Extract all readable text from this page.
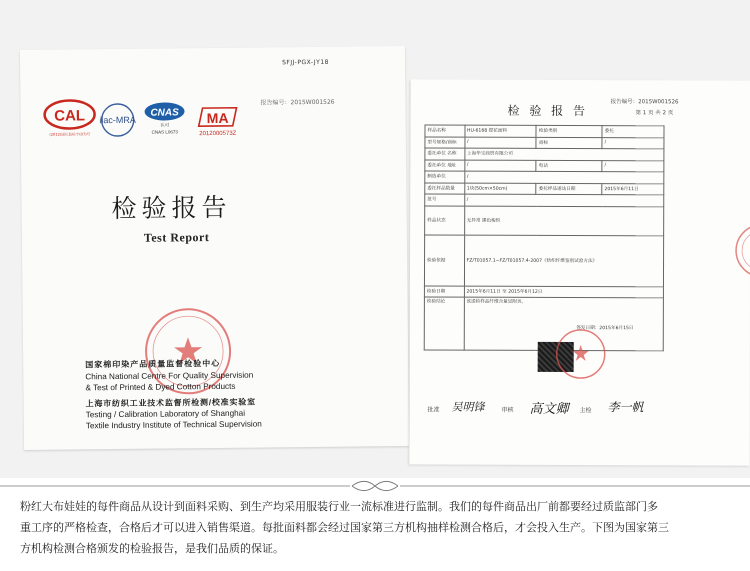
SFJJ-PGX-JY18
报告编号：2015W001526
CAL
(2012)国认监检字(07)号
ilac-MRA
CNAS
认可
CNAS L0673
MA
2012000573Z
检验报告
Test Report
国家棉印染产品质量监督检验中心
China National Centre For Quality Supervision
& Test of Printed & Dyed Cotton Products
上海市纺织工业技术监督所检测/校准实验室
Testing / Calibration Laboratory of Shanghai
Textile Industry Institute of Technical Supervision
检 验 报 告
报告编号：2015W001526
第 1 页 共 2 页
样品名称	HU-6168 提花面料	检验类别	委托
型号规格/商标	/	商标	/
委托单位 名称	上海华宝商贸有限公司		
委托单位 地址	/	电话	/
制造单位	/		
委托样品数量	1块(50cm×50cm)	委托样品送达日期	2015年6月11日
批号	/		
样品状态	无异常 黑色梭织		
检验依据	FZ/T01057.1~FZ/T01057.4-2007《纺织纤维鉴别试验方法》		
检验日期	2015年6月11日 至 2015年6月12日		
检验结论	该送检样品纤维含量见附页。

签发日期：2015年6月15日		
批准 吴明锋	审核 高文卿 主检 李一帆
粉红大布娃娃的每件商品从设计到面料采购、到生产均采用服装行业一流标准进行监制。我们的每件商品出厂前都要经过质监部门多
重工序的严格检查，合格后才可以进入销售渠道。每批面料都会经过国家第三方机构抽样检测合格后，才会投入生产。下图为国家第三
方机构检测合格颁发的检验报告，是我们品质的保证。
